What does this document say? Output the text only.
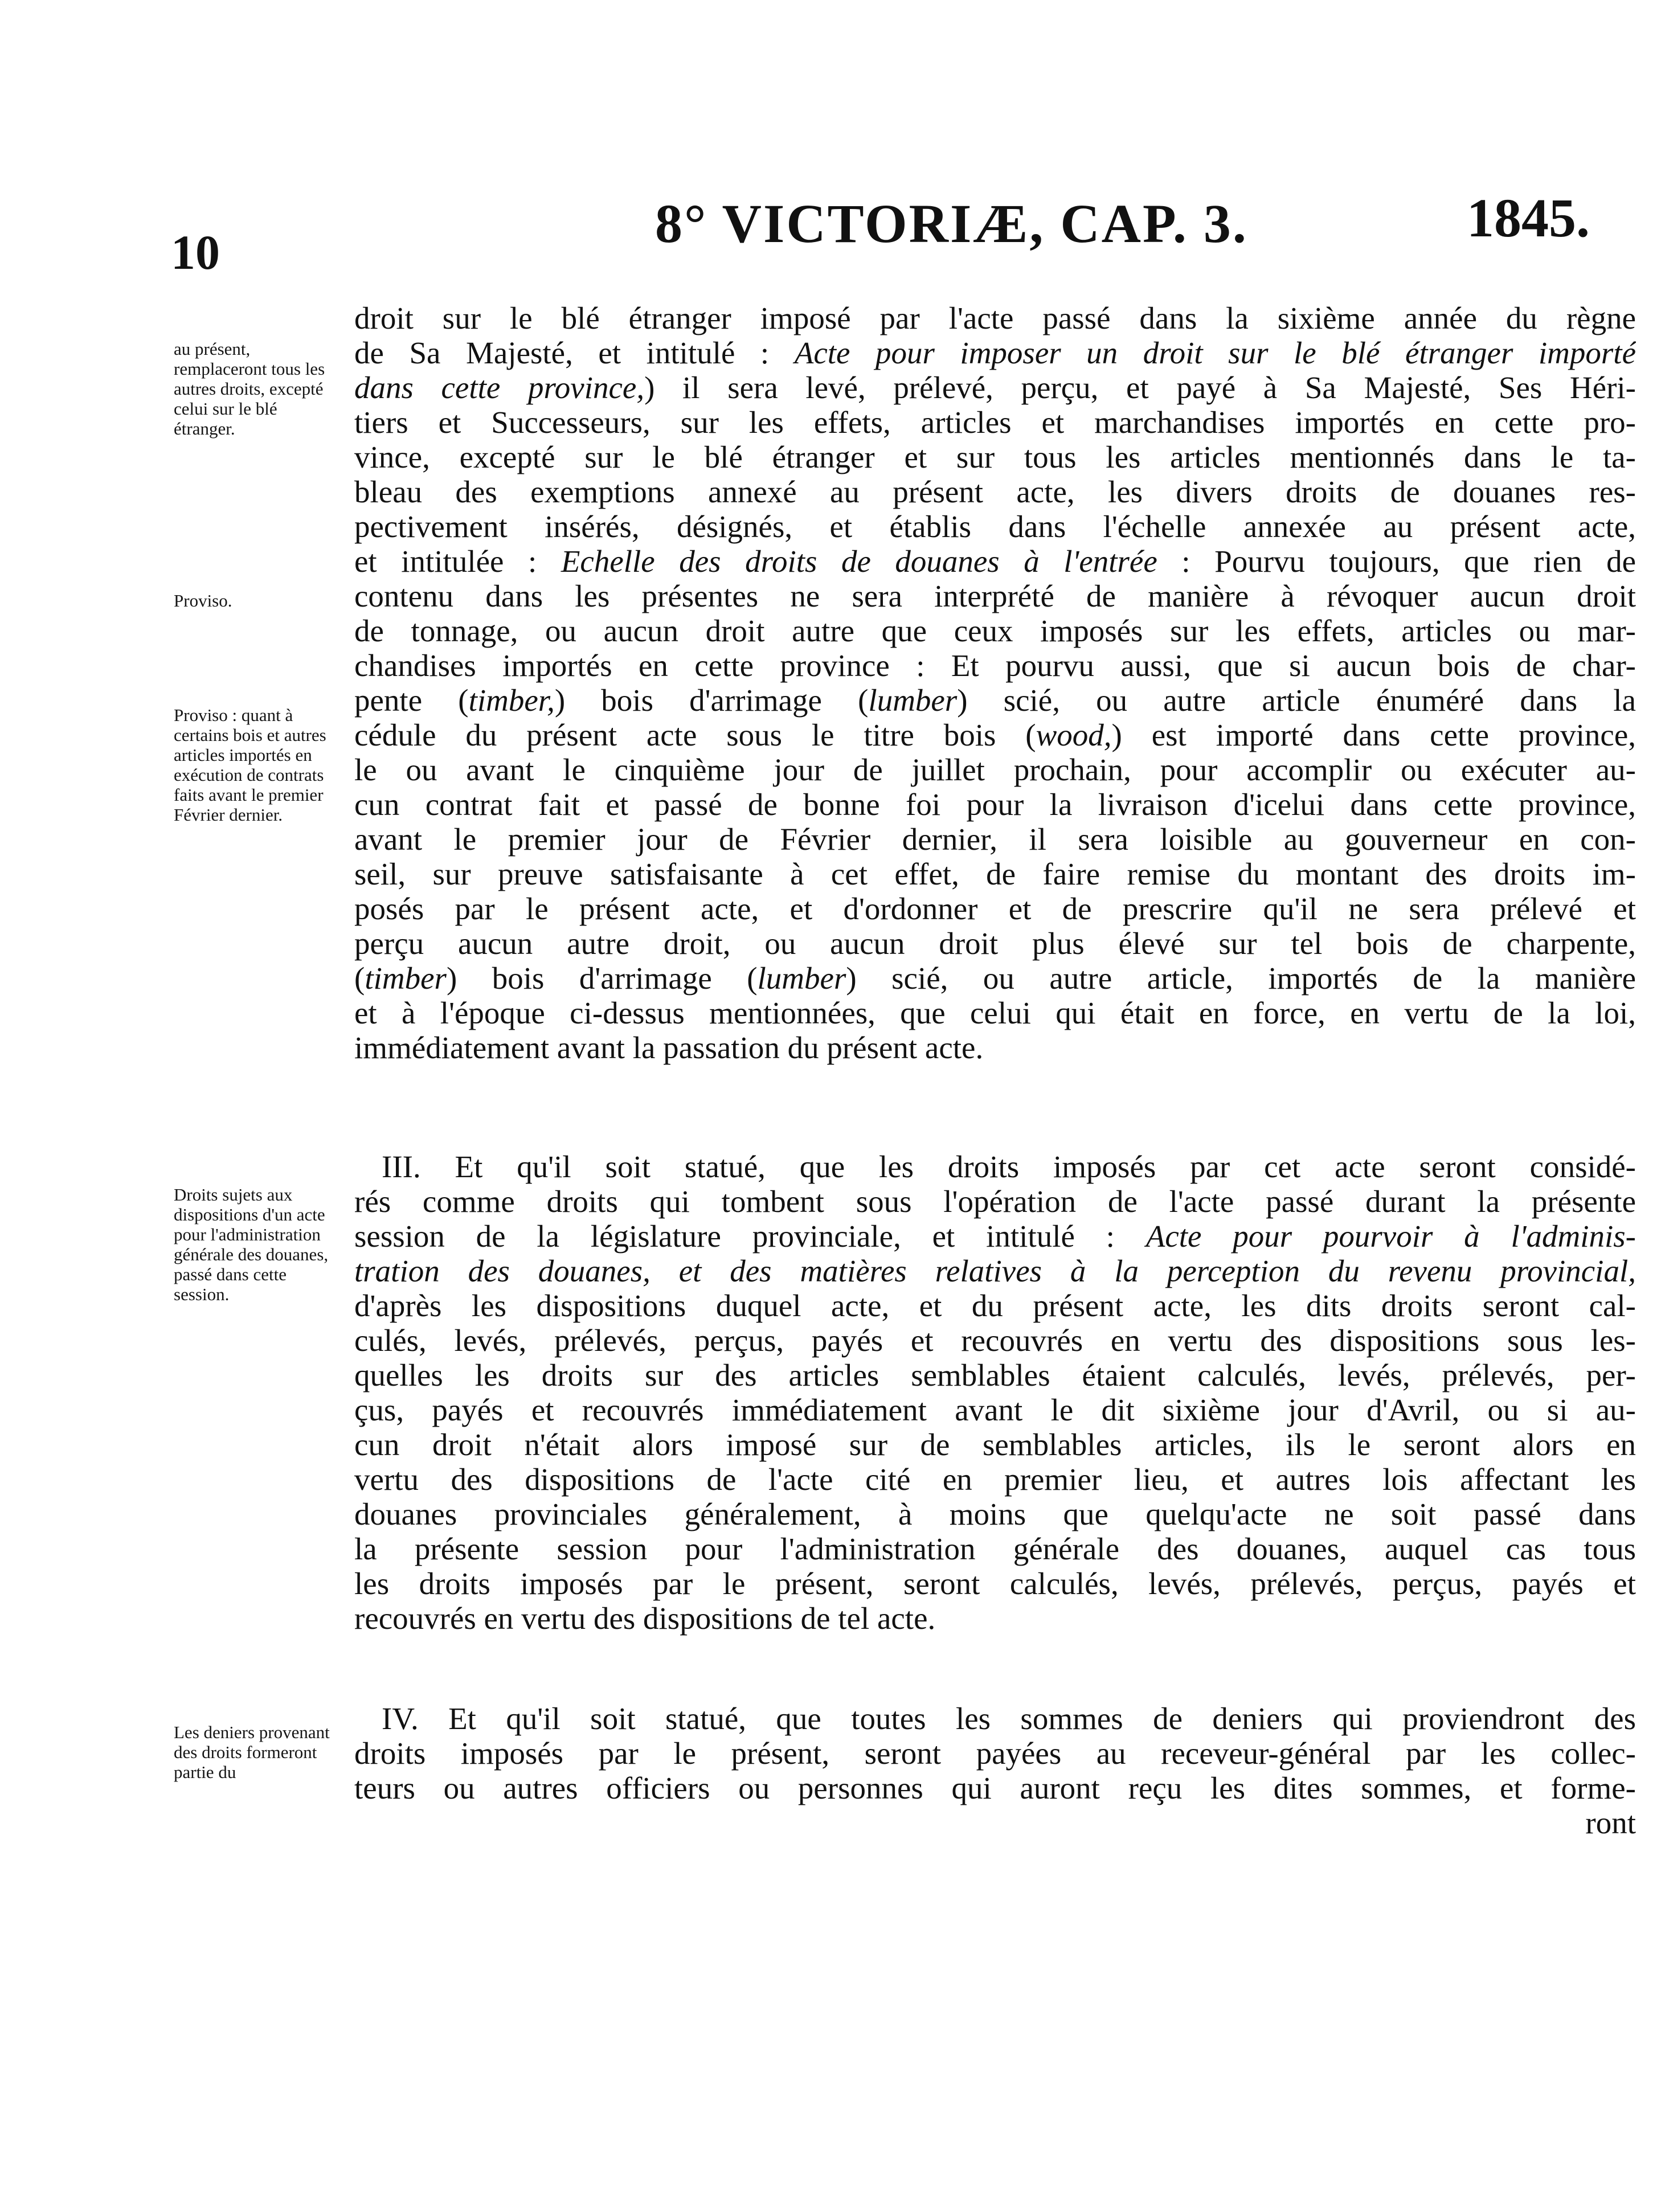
10	8° VICTORIÆ, CAP. 3.	1845.
au présent, remplaceront tous les autres droits, excepté celui sur le blé étranger.
Proviso.
Proviso : quant à certains bois et autres articles importés en exécution de contrats faits avant le premier Février dernier.
Droits sujets aux dispositions d'un acte pour l'administration générale des douanes, passé dans cette session.
Les deniers provenant des droits formeront partie du
droit sur le blé étranger imposé par l'acte passé dans la sixième année du règne
de Sa Majesté, et intitulé : Acte pour imposer un droit sur le blé étranger importé
dans cette province,) il sera levé, prélevé, perçu, et payé à Sa Majesté, Ses Héri-
tiers et Successeurs, sur les effets, articles et marchandises importés en cette pro-
vince, excepté sur le blé étranger et sur tous les articles mentionnés dans le ta-
bleau des exemptions annexé au présent acte, les divers droits de douanes res-
pectivement insérés, désignés, et établis dans l'échelle annexée au présent acte,
et intitulée : Echelle des droits de douanes à l'entrée : Pourvu toujours, que rien de
contenu dans les présentes ne sera interprété de manière à révoquer aucun droit
de tonnage, ou aucun droit autre que ceux imposés sur les effets, articles ou mar-
chandises importés en cette province : Et pourvu aussi, que si aucun bois de char-
pente (timber,) bois d'arrimage (lumber) scié, ou autre article énuméré dans la
cédule du présent acte sous le titre bois (wood,) est importé dans cette province,
le ou avant le cinquième jour de juillet prochain, pour accomplir ou exécuter au-
cun contrat fait et passé de bonne foi pour la livraison d'icelui dans cette province,
avant le premier jour de Février dernier, il sera loisible au gouverneur en con-
seil, sur preuve satisfaisante à cet effet, de faire remise du montant des droits im-
posés par le présent acte, et d'ordonner et de prescrire qu'il ne sera prélevé et
perçu aucun autre droit, ou aucun droit plus élevé sur tel bois de charpente,
(timber) bois d'arrimage (lumber) scié, ou autre article, importés de la manière
et à l'époque ci-dessus mentionnées, que celui qui était en force, en vertu de la loi,
immédiatement avant la passation du présent acte.
III. Et qu'il soit statué, que les droits imposés par cet acte seront considé-
rés comme droits qui tombent sous l'opération de l'acte passé durant la présente
session de la législature provinciale, et intitulé : Acte pour pourvoir à l'adminis-
tration des douanes, et des matières relatives à la perception du revenu provincial,
d'après les dispositions duquel acte, et du présent acte, les dits droits seront cal-
culés, levés, prélevés, perçus, payés et recouvrés en vertu des dispositions sous les-
quelles les droits sur des articles semblables étaient calculés, levés, prélevés, per-
çus, payés et recouvrés immédiatement avant le dit sixième jour d'Avril, ou si au-
cun droit n'était alors imposé sur de semblables articles, ils le seront alors en
vertu des dispositions de l'acte cité en premier lieu, et autres lois affectant les
douanes provinciales généralement, à moins que quelqu'acte ne soit passé dans
la présente session pour l'administration générale des douanes, auquel cas tous
les droits imposés par le présent, seront calculés, levés, prélevés, perçus, payés et
recouvrés en vertu des dispositions de tel acte.
IV. Et qu'il soit statué, que toutes les sommes de deniers qui proviendront des
droits imposés par le présent, seront payées au receveur-général par les collec-
teurs ou autres officiers ou personnes qui auront reçu les dites sommes, et forme-
ront
